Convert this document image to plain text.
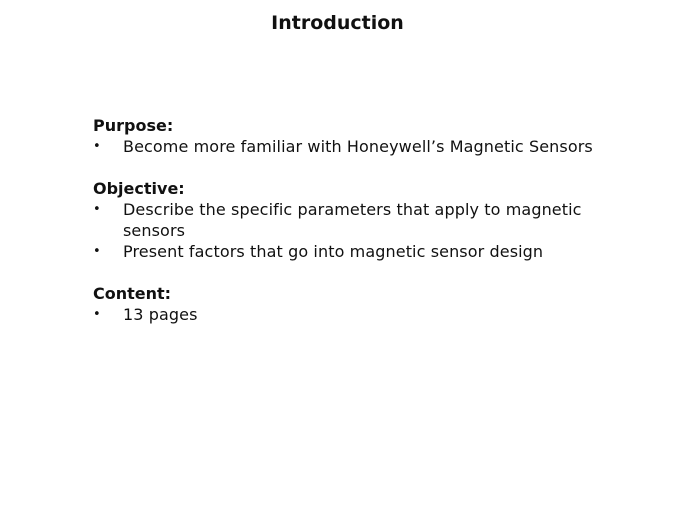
Introduction
Purpose:
• Become more familiar with Honeywell’s Magnetic Sensors
Objective:
• Describe the specific parameters that apply to magnetic sensors
• Present factors that go into magnetic sensor design
Content:
• 13 pages
